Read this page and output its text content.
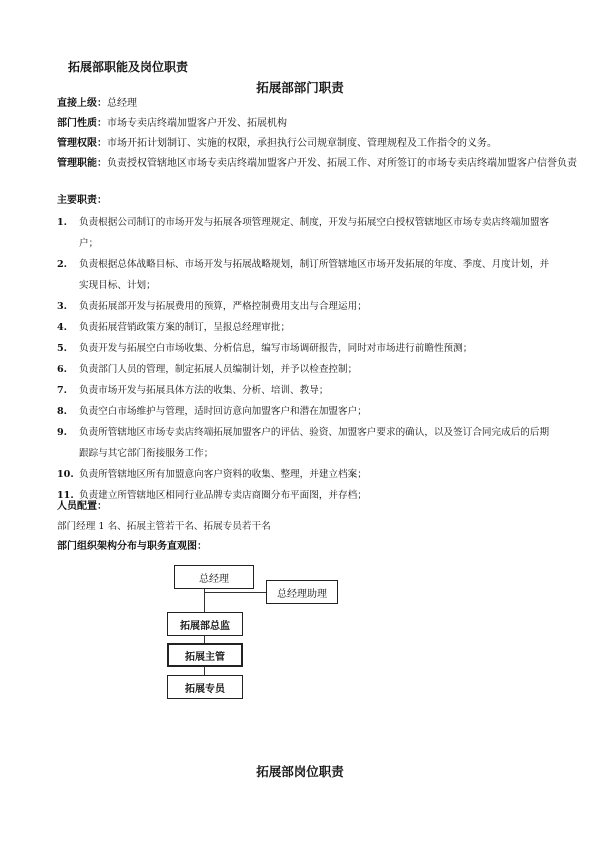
拓展部职能及岗位职责
拓展部部门职责
直接上级：总经理
部门性质：市场专卖店终端加盟客户开发、拓展机构
管理权限：市场开拓计划制订、实施的权限，承担执行公司规章制度、管理规程及工作指令的义务。
管理职能：负责授权管辖地区市场专卖店终端加盟客户开发、拓展工作、对所签订的市场专卖店终端加盟客户信誉负责
主要职责：
1. 负责根据公司制订的市场开发与拓展各项管理规定、制度，开发与拓展空白授权管辖地区市场专卖店终端加盟客户；
2. 负责根据总体战略目标、市场开发与拓展战略规划，制订所管辖地区市场开发拓展的年度、季度、月度计划，并实现目标、计划；
3. 负责拓展部开发与拓展费用的预算，严格控制费用支出与合理运用；
4. 负责拓展营销政策方案的制订，呈报总经理审批；
5. 负责开发与拓展空白市场收集、分析信息，编写市场调研报告，同时对市场进行前瞻性预测；
6. 负责部门人员的管理，制定拓展人员编制计划，并予以检查控制；
7. 负责市场开发与拓展具体方法的收集、分析、培训、教导；
8. 负责空白市场维护与管理，适时回访意向加盟客户和潜在加盟客户；
9. 负责所管辖地区市场专卖店终端拓展加盟客户的评估、验资、加盟客户要求的确认，以及签订合同完成后的后期跟踪与其它部门衔接服务工作；
10. 负责所管辖地区所有加盟意向客户资料的收集、整理，并建立档案；
11. 负责建立所管辖地区相同行业品牌专卖店商圈分布平面图，并存档；
人员配置：
部门经理 1 名、拓展主管若干名、拓展专员若干名
部门组织架构分布与职务直观图：
总经理
总经理助理
拓展部总监
拓展主管
拓展专员
拓展部岗位职责
